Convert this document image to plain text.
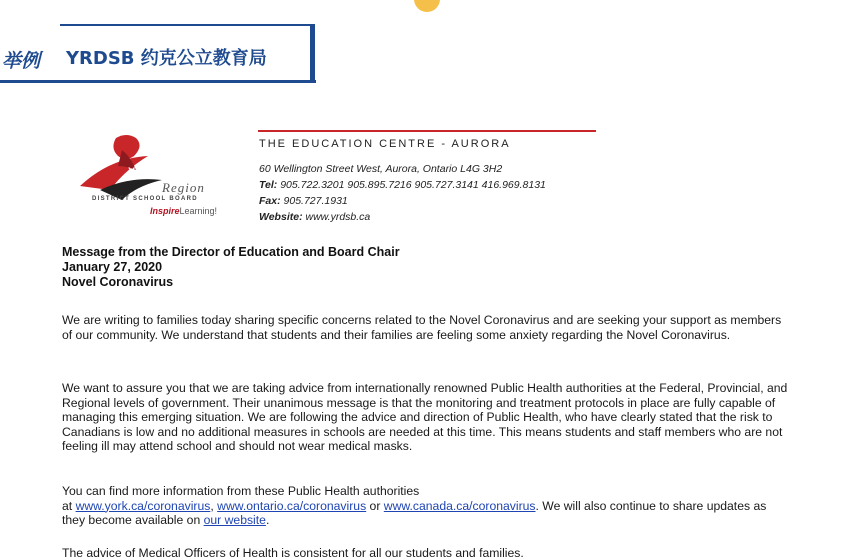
举例 YRDSB 约克公立教育局
York
Region
DISTRICT SCHOOL BOARD
InspireLearning!
THE EDUCATION CENTRE - AURORA
60 Wellington Street West, Aurora, Ontario L4G 3H2
Tel: 905.722.3201 905.895.7216 905.727.3141 416.969.8131
Fax: 905.727.1931
Website: www.yrdsb.ca
Message from the Director of Education and Board Chair
January 27, 2020
Novel Coronavirus
We are writing to families today sharing specific concerns related to the Novel Coronavirus and are seeking your support as members of our community. We understand that students and their families are feeling some anxiety regarding the Novel Coronavirus.
We want to assure you that we are taking advice from internationally renowned Public Health authorities at the Federal, Provincial, and Regional levels of government. Their unanimous message is that the monitoring and treatment protocols in place are fully capable of managing this emerging situation. We are following the advice and direction of Public Health, who have clearly stated that the risk to Canadians is low and no additional measures in schools are needed at this time. This means students and staff members who are not feeling ill may attend school and should not wear medical masks.
You can find more information from these Public Health authorities
at www.york.ca/coronavirus, www.ontario.ca/coronavirus or www.canada.ca/coronavirus. We will also continue to share updates as they become available on our website.
The advice of Medical Officers of Health is consistent for all our students and families.
